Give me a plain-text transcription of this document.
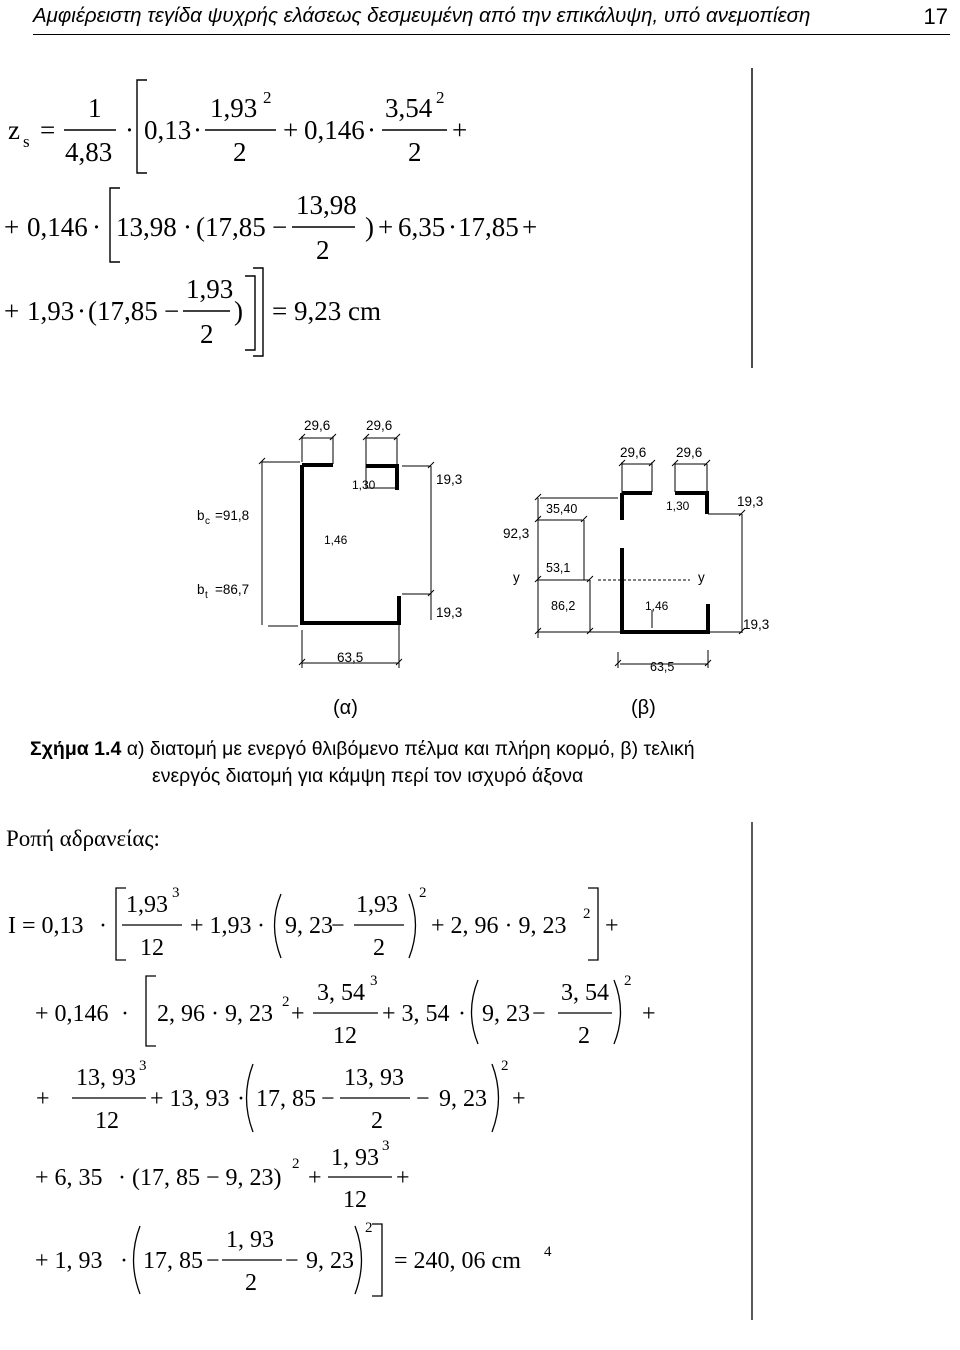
Αμφιέρειστη τεγίδα ψυχρής ελάσεως δεσμευμένη από την επικάλυψη, υπό ανεμοπίεση	17
z s =
1
4,83
· 0,13 ·
1,93 2
2
+ 0,146 ·
3,54 2
2
+
+ 0,146 · 13,98 · (17,85 −
13,98
2
) + 6,35 · 17,85 +
+ 1,93 · (17,85 −
1,93
2
) = 9,23 cm
29,6	29,6
1,30	19,3
b c =91,8
1,46
b t =86,7
19,3
63,5
29,6 29,6
19,3
1,30
35,40
92,3
53,1
y	y
86,2	1,46
19,3
63,5
(α)	(β)
Σχήμα 1.4 α) διατομή με ενεργό θλιβόμενο πέλμα και πλήρη κορμό, β) τελική
ενεργός διατομή για κάμψη περί τον ισχυρό άξονα
Ροπή αδρανείας:
I = 0,13 ·
1,93 3
12
+ 1,93 · 9, 23
−
1,93
2
2
+ 2, 96 · 9, 23 2 +
+ 0,146 · 2, 96 · 9, 23 2 +
3, 54 3
12
+ 3, 54 · 9, 23 −
3, 54
2
2
+
+
13, 93 3
12
+ 13, 93 · 17, 85 −
13, 93
2
− 9, 23
2
+
+ 6, 35 · (17, 85 − 9, 23)
2
+
1, 93 3
12
+
+ 1, 93 · 17, 85 −
1, 93
2
− 9, 23
2
= 240, 06 cm 4
